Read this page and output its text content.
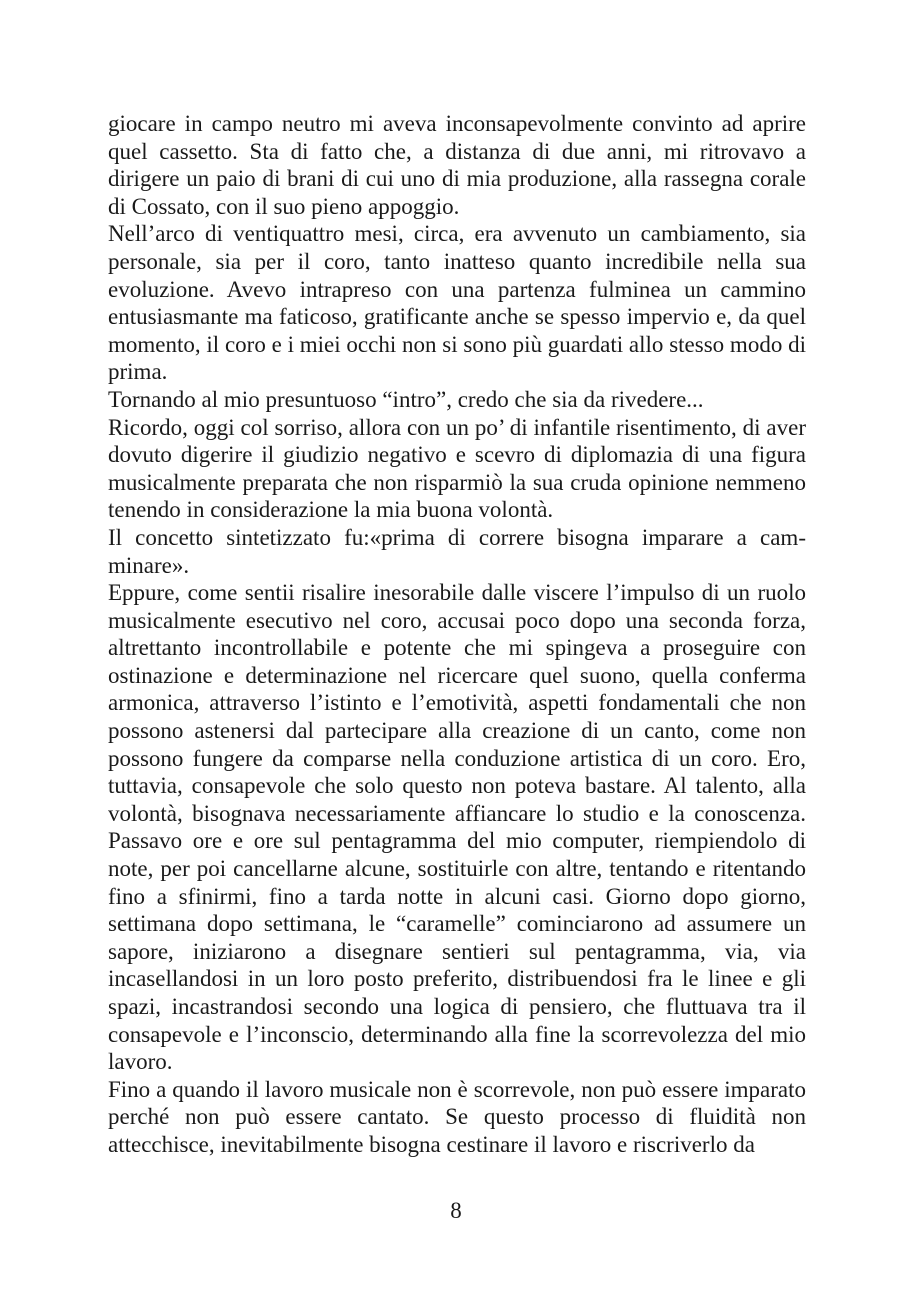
giocare in campo neutro mi aveva inconsapevolmente convinto ad aprire quel cassetto. Sta di fatto che, a distanza di due anni, mi ritrovavo a dirigere un paio di brani di cui uno di mia produzione, alla rassegna corale di Cossato, con il suo pieno appoggio.

Nell’arco di ventiquattro mesi, circa, era avvenuto un cambiamento, sia personale, sia per il coro, tanto inatteso quanto incredibile nella sua evoluzione. Avevo intrapreso con una partenza fulminea un cammino entusiasmante ma faticoso, gratificante anche se spesso impervio e, da quel momento, il coro e i miei occhi non si sono più guardati allo stesso modo di prima.

Tornando al mio presuntuoso “intro”, credo che sia da rivedere...

Ricordo, oggi col sorriso, allora con un po’ di infantile risentimento, di aver dovuto digerire il giudizio negativo e scevro di diplomazia di una figura musicalmente preparata che non risparmiò la sua cruda opinione nemmeno tenendo in considerazione la mia buona volontà.

Il concetto sintetizzato fu:«prima di correre bisogna imparare a camminare».

Eppure, come sentii risalire inesorabile dalle viscere l’impulso di un ruolo musicalmente esecutivo nel coro, accusai poco dopo una seconda forza, altrettanto incontrollabile e potente che mi spingeva a proseguire con ostinazione e determinazione nel ricercare quel suono, quella conferma armonica, attraverso l’istinto e l’emotività, aspetti fondamentali che non possono astenersi dal partecipare alla creazione di un canto, come non possono fungere da comparse nella conduzione artistica di un coro. Ero, tuttavia, consapevole che solo questo non poteva bastare. Al talento, alla volontà, bisognava necessariamente affiancare lo studio e la conoscenza. Passavo ore e ore sul pentagramma del mio computer, riempiendolo di note, per poi cancellarne alcune, sostituirle con altre, tentando e ritentando fino a sfinirmi, fino a tarda notte in alcuni casi. Giorno dopo giorno, settimana dopo settimana, le “caramelle” cominciarono ad assumere un sapore, iniziarono a disegnare sentieri sul pentagramma, via, via incasellandosi in un loro posto preferito, distribuendosi fra le linee e gli spazi, incastrandosi secondo una logica di pensiero, che fluttuava tra il consapevole e l’inconscio, determinando alla fine la scorrevolezza del mio lavoro.

Fino a quando il lavoro musicale non è scorrevole, non può essere imparato perché non può essere cantato. Se questo processo di fluidità non attecchisce, inevitabilmente bisogna cestinare il lavoro e riscriverlo da

8
